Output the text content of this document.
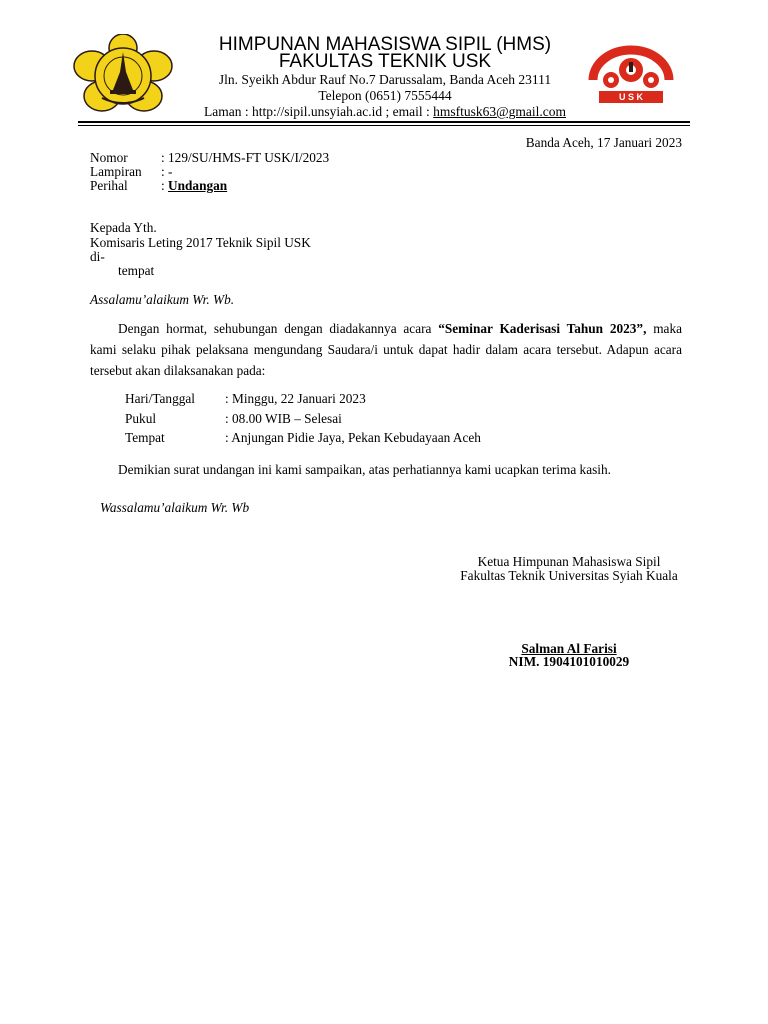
U S K
HIMPUNAN MAHASISWA SIPIL (HMS)
FAKULTAS TEKNIK USK
Jln. Syeikh Abdur Rauf No.7 Darussalam, Banda Aceh 23111
Telepon (0651) 7555444
Laman : http://sipil.unsyiah.ac.id ; email : hmsftusk63@gmail.com
Banda Aceh, 17 Januari 2023
Nomor	: 129/SU/HMS-FT USK/I/2023
Lampiran : -
Perihal	: Undangan
Kepada Yth.
Komisaris Leting 2017 Teknik Sipil USK
di-
tempat
Assalamu’alaikum Wr. Wb.
Dengan hormat, sehubungan dengan diadakannya acara “Seminar Kaderisasi Tahun 2023”, maka
kami selaku pihak pelaksana mengundang Saudara/i untuk dapat hadir dalam acara tersebut. Adapun acara
tersebut akan dilaksanakan pada:
Hari/Tanggal : Minggu, 22 Januari 2023
Pukul	: 08.00 WIB – Selesai
Tempat	: Anjungan Pidie Jaya, Pekan Kebudayaan Aceh
Demikian surat undangan ini kami sampaikan, atas perhatiannya kami ucapkan terima kasih.
Wassalamu’alaikum Wr. Wb
Ketua Himpunan Mahasiswa Sipil
Fakultas Teknik Universitas Syiah Kuala
Salman Al Farisi
NIM. 1904101010029
